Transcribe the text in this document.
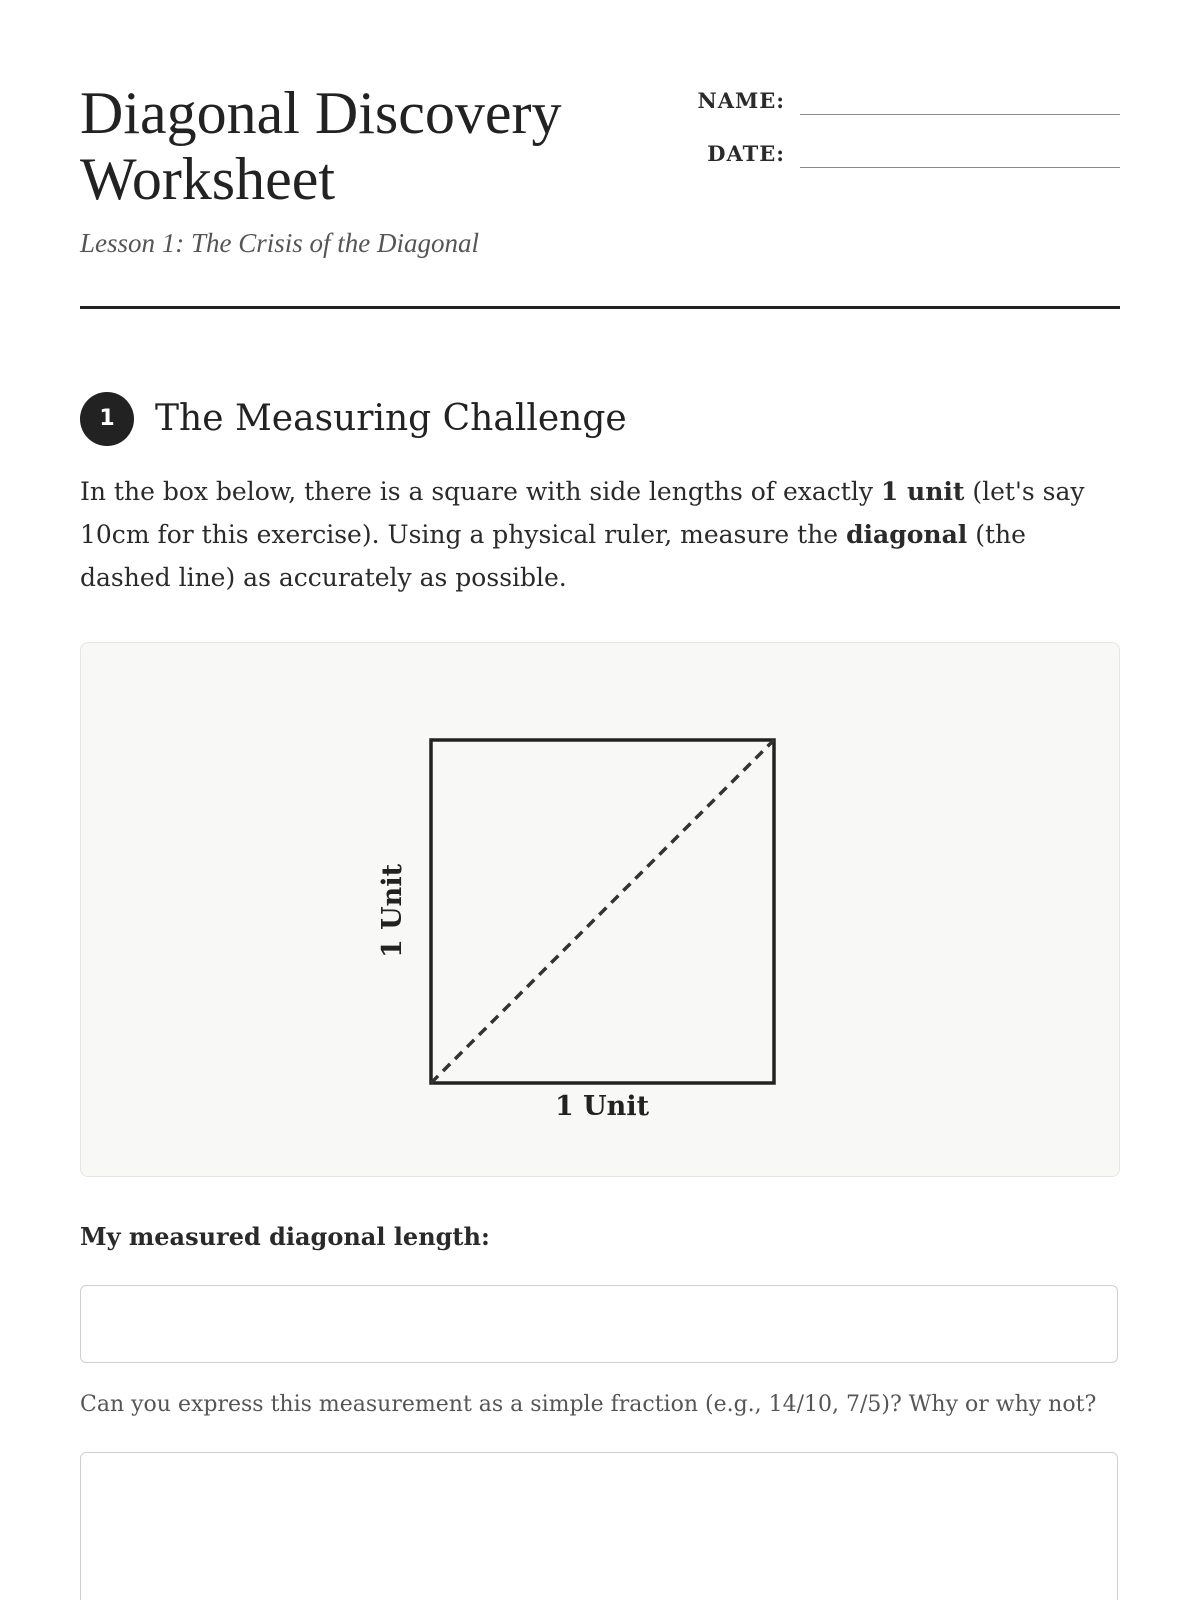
Diagonal Discovery Worksheet
Lesson 1: The Crisis of the Diagonal
NAME:
DATE:
1	The Measuring Challenge

In the box below, there is a square with side lengths of exactly 1 unit (let's say 10cm for this exercise). Using a physical ruler, measure the diagonal (the dashed line) as accurately as possible.

1 Unit
1 Unit
My measured diagonal length:
Can you express this measurement as a simple fraction (e.g., 14/10, 7/5)? Why or why not?
